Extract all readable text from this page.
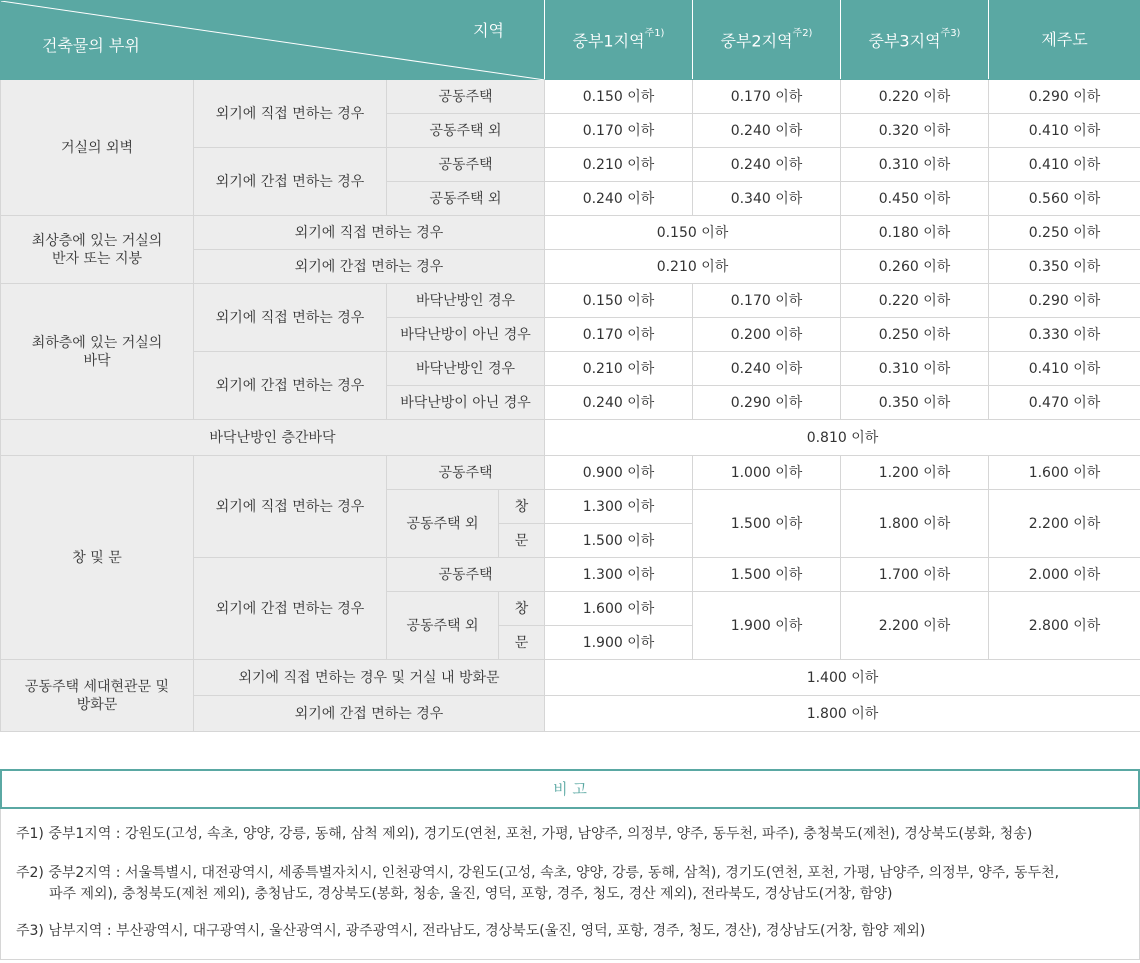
지역
건축물의 부위				중부1지역$^{주1)}$	중부2지역$^{주2)}$	중부3지역$^{주3)}$	제주도
거실의 외벽	외기에 직접 면하는 경우	공동주택		0.150 이하	0.170 이하	0.220 이하	0.290 이하
		공동주택 외		0.170 이하	0.240 이하	0.320 이하	0.410 이하
	외기에 간접 면하는 경우	공동주택		0.210 이하	0.240 이하	0.310 이하	0.410 이하
		공동주택 외		0.240 이하	0.340 이하	0.450 이하	0.560 이하
최상층에 있는 거실의
반자 또는 지붕	외기에 직접 면하는 경우			0.150 이하		0.180 이하	0.250 이하
	외기에 간접 면하는 경우			0.210 이하		0.260 이하	0.350 이하
최하층에 있는 거실의
바닥	외기에 직접 면하는 경우	바닥난방인 경우		0.150 이하	0.170 이하	0.220 이하	0.290 이하
		바닥난방이 아닌 경우		0.170 이하	0.200 이하	0.250 이하	0.330 이하
	외기에 간접 면하는 경우	바닥난방인 경우		0.210 이하	0.240 이하	0.310 이하	0.410 이하
		바닥난방이 아닌 경우		0.240 이하	0.290 이하	0.350 이하	0.470 이하
바닥난방인 층간바닥				0.810 이하			
창 및 문	외기에 직접 면하는 경우	공동주택		0.900 이하	1.000 이하	1.200 이하	1.600 이하
		공동주택 외	창	1.300 이하	1.500 이하	1.800 이하	2.200 이하
			문	1.500 이하			
	외기에 간접 면하는 경우	공동주택		1.300 이하	1.500 이하	1.700 이하	2.000 이하
		공동주택 외	창	1.600 이하	1.900 이하	2.200 이하	2.800 이하
			문	1.900 이하			
공동주택 세대현관문 및
방화문	외기에 직접 면하는 경우 및 거실 내 방화문			1.400 이하			
	외기에 간접 면하는 경우			1.800 이하			
비 고
주1) 중부1지역 : 강원도(고성, 속초, 양양, 강릉, 동해, 삼척 제외), 경기도(연천, 포천, 가평, 남양주, 의정부, 양주, 동두천, 파주), 충청북도(제천), 경상북도(봉화, 청송)
주2) 중부2지역 : 서울특별시, 대전광역시, 세종특별자치시, 인천광역시, 강원도(고성, 속초, 양양, 강릉, 동해, 삼척), 경기도(연천, 포천, 가평, 남양주, 의정부, 양주, 동두천,
파주 제외), 충청북도(제천 제외), 충청남도, 경상북도(봉화, 청송, 울진, 영덕, 포항, 경주, 청도, 경산 제외), 전라북도, 경상남도(거창, 함양)
주3) 남부지역 : 부산광역시, 대구광역시, 울산광역시, 광주광역시, 전라남도, 경상북도(울진, 영덕, 포항, 경주, 청도, 경산), 경상남도(거창, 함양 제외)
